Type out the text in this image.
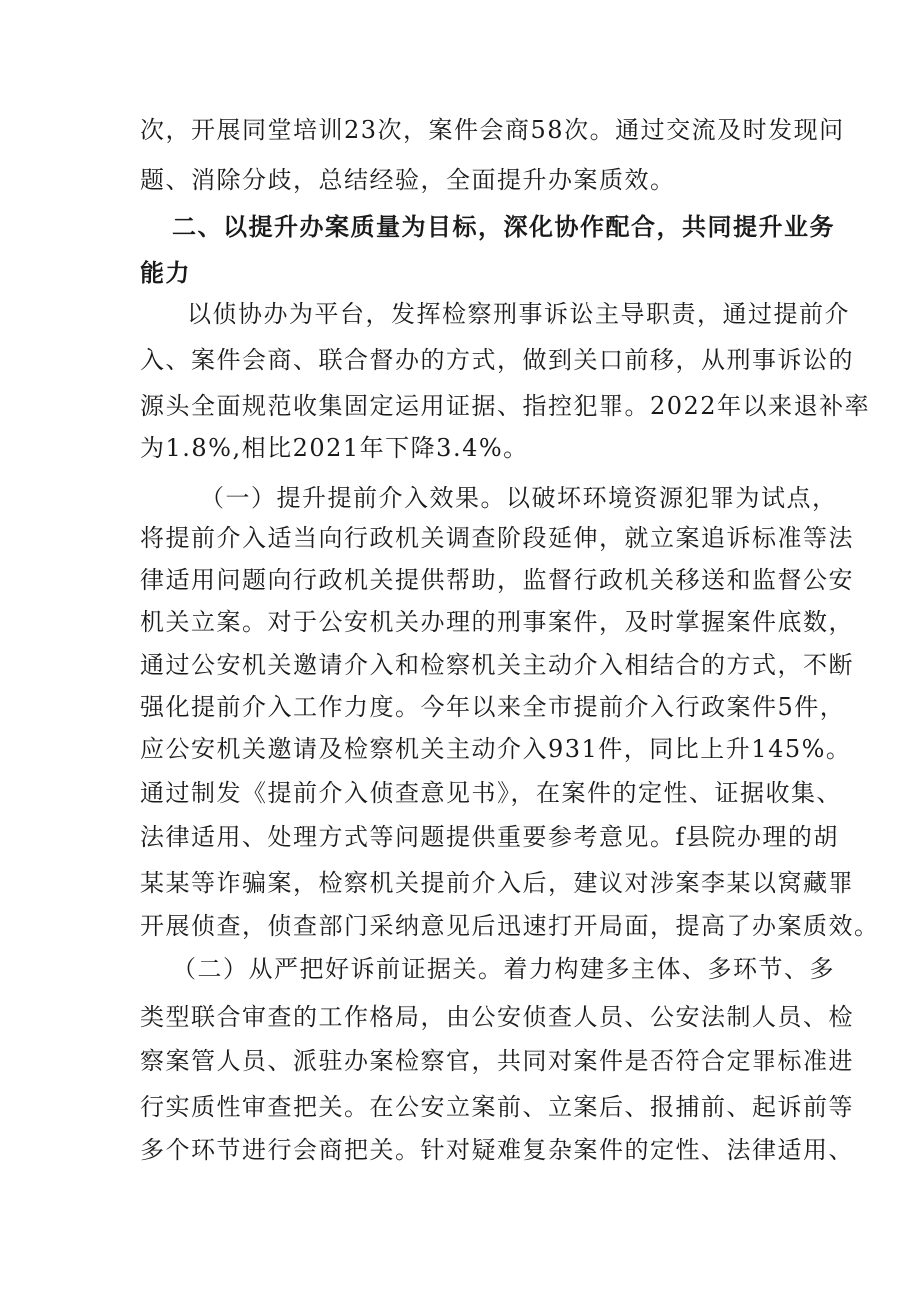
次，开展同堂培训23次，案件会商58次。通过交流及时发现问
题、消除分歧，总结经验，全面提升办案质效。
二、以提升办案质量为目标，深化协作配合，共同提升业务
能力
以侦协办为平台，发挥检察刑事诉讼主导职责，通过提前介
入、案件会商、联合督办的方式，做到关口前移，从刑事诉讼的
源头全面规范收集固定运用证据、指控犯罪。2022年以来退补率
为1.8%,相比2021年下降3.4%。
（一）提升提前介入效果。以破坏环境资源犯罪为试点，
将提前介入适当向行政机关调查阶段延伸，就立案追诉标准等法
律适用问题向行政机关提供帮助，监督行政机关移送和监督公安
机关立案。对于公安机关办理的刑事案件，及时掌握案件底数，
通过公安机关邀请介入和检察机关主动介入相结合的方式，不断
强化提前介入工作力度。今年以来全市提前介入行政案件5件，
应公安机关邀请及检察机关主动介入931件，同比上升145%。
通过制发《提前介入侦查意见书》，在案件的定性、证据收集、
法律适用、处理方式等问题提供重要参考意见。f县院办理的胡
某某等诈骗案，检察机关提前介入后，建议对涉案李某以窝藏罪
开展侦查，侦查部门采纳意见后迅速打开局面，提高了办案质效。
（二）从严把好诉前证据关。着力构建多主体、多环节、多
类型联合审查的工作格局，由公安侦查人员、公安法制人员、检
察案管人员、派驻办案检察官，共同对案件是否符合定罪标准进
行实质性审查把关。在公安立案前、立案后、报捕前、起诉前等
多个环节进行会商把关。针对疑难复杂案件的定性、法律适用、
